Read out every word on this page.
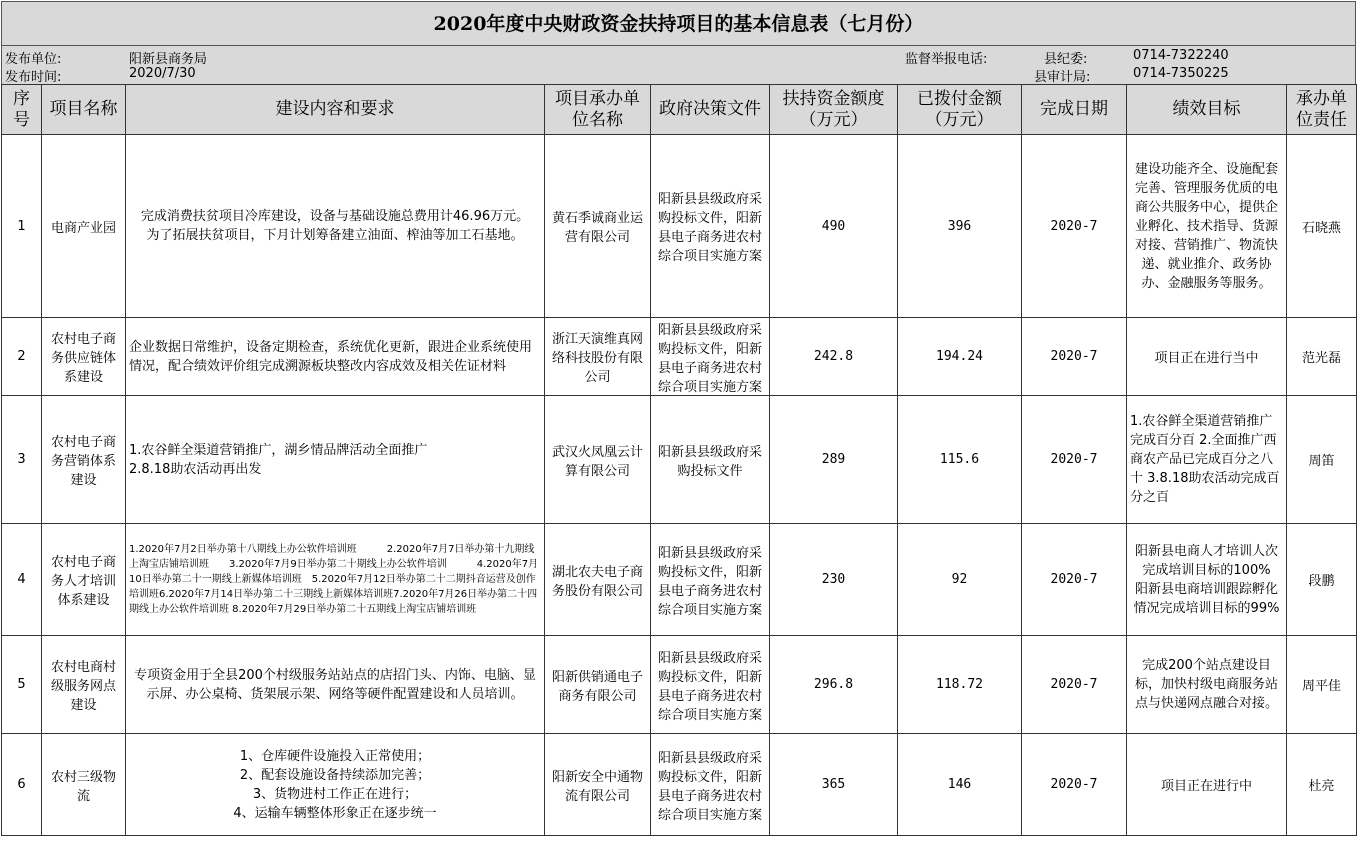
2020年度中央财政资金扶持项目的基本信息表（七月份）
发布单位:	阳新县商务局
发布时间:	2020/7/30
监督举报电话:	县纪委:	0714-7322240
县审计局:	0714-7350225
序号	项目名称	建设内容和要求	项目承办单位名称	政府决策文件	扶持资金额度（万元）	已拨付金额（万元）	完成日期	绩效目标	承办单位责任
1	电商产业园	完成消费扶贫项目冷库建设，设备与基础设施总费用计46.96万元。
为了拓展扶贫项目，下月计划筹备建立油面、榨油等加工石基地。	黄石季诚商业运营有限公司	阳新县县级政府采购投标文件，阳新县电子商务进农村综合项目实施方案	490	396	2020-7	建设功能齐全、设施配套完善、管理服务优质的电商公共服务中心，提供企业孵化、技术指导、货源对接、营销推广、物流快递、就业推介、政务协办、金融服务等服务。	石晓燕
2	农村电子商务供应链体系建设	企业数据日常维护，设备定期检查，系统优化更新，跟进企业系统使用情况，配合绩效评价组完成溯源板块整改内容成效及相关佐证材料	浙江天演维真网络科技股份有限公司	阳新县县级政府采购投标文件，阳新县电子商务进农村综合项目实施方案	242.8	194.24	2020-7	项目正在进行当中	范光磊
3	农村电子商务营销体系建设	1.农谷鲜全渠道营销推广，湖乡情品牌活动全面推广
2.8.18助农活动再出发	武汉火凤凰云计算有限公司	阳新县县级政府采购投标文件	289	115.6	2020-7	1.农谷鲜全渠道营销推广 完成百分百 2.全面推广西商农产品已完成百分之八十 3.8.18助农活动完成百分之百	周笛
4	农村电子商务人才培训体系建设	1.2020年7月2日举办第十八期线上办公软件培训班　　　2.2020年7月7日举办第十九期线上淘宝店铺培训班　　3.2020年7月9日举办第二十期线上办公软件培训　　　4.2020年7月10日举办第二十一期线上新媒体培训班　5.2020年7月12日举办第二十二期抖音运营及创作培训班6.2020年7月14日举办第二十三期线上新媒体培训班7.2020年7月26日举办第二十四期线上办公软件培训班 8.2020年7月29日举办第二十五期线上淘宝店铺培训班	湖北农夫电子商务股份有限公司	阳新县县级政府采购投标文件，阳新县电子商务进农村综合项目实施方案	230	92	2020-7	阳新县电商人才培训人次完成培训目标的100%　阳新县电商培训跟踪孵化情况完成培训目标的99%	段鹏
5	农村电商村级服务网点建设	专项资金用于全县200个村级服务站站点的店招门头、内饰、电脑、显示屏、办公桌椅、货架展示架、网络等硬件配置建设和人员培训。	阳新供销通电子商务有限公司	阳新县县级政府采购投标文件，阳新县电子商务进农村综合项目实施方案	296.8	118.72	2020-7	完成200个站点建设目标，加快村级电商服务站点与快递网点融合对接。	周平佳
6	农村三级物流	1、仓库硬件设施投入正常使用；
2、配套设施设备持续添加完善；
3、货物进村工作正在进行；
4、运输车辆整体形象正在逐步统一	阳新安全中通物流有限公司	阳新县县级政府采购投标文件，阳新县电子商务进农村综合项目实施方案	365	146	2020-7	项目正在进行中	杜亮
